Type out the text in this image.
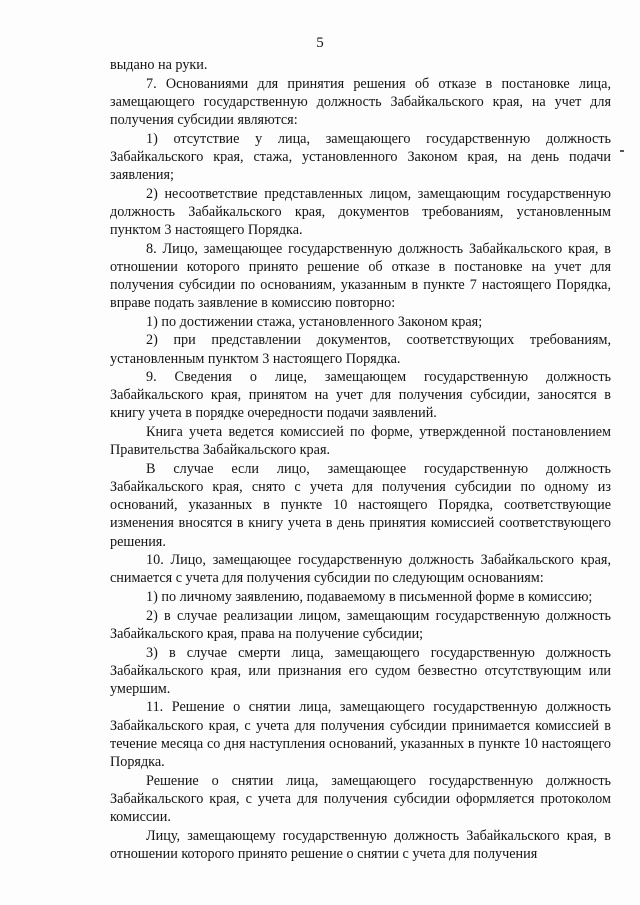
5

выдано на руки.

7. Основаниями для принятия решения об отказе в постановке лица, замещающего государственную должность Забайкальского края, на учет для получения субсидии являются:

1) отсутствие у лица, замещающего государственную должность Забайкальского края, стажа, установленного Законом края, на день подачи заявления;

2) несоответствие представленных лицом, замещающим государственную должность Забайкальского края, документов требованиям, установленным пунктом 3 настоящего Порядка.

8. Лицо, замещающее государственную должность Забайкальского края, в отношении которого принято решение об отказе в постановке на учет для получения субсидии по основаниям, указанным в пункте 7 настоящего Порядка, вправе подать заявление в комиссию повторно:

1) по достижении стажа, установленного Законом края;

2) при представлении документов, соответствующих требованиям, установленным пунктом 3 настоящего Порядка.

9. Сведения о лице, замещающем государственную должность Забайкальского края, принятом на учет для получения субсидии, заносятся в книгу учета в порядке очередности подачи заявлений.

Книга учета ведется комиссией по форме, утвержденной постановлением Правительства Забайкальского края.

В случае если лицо, замещающее государственную должность Забайкальского края, снято с учета для получения субсидии по одному из оснований, указанных в пункте 10 настоящего Порядка, соответствующие изменения вносятся в книгу учета в день принятия комиссией соответствующего решения.

10. Лицо, замещающее государственную должность Забайкальского края, снимается с учета для получения субсидии по следующим основаниям:

1) по личному заявлению, подаваемому в письменной форме в комиссию;

2) в случае реализации лицом, замещающим государственную должность Забайкальского края, права на получение субсидии;

3) в случае смерти лица, замещающего государственную должность Забайкальского края, или признания его судом безвестно отсутствующим или умершим.

11. Решение о снятии лица, замещающего государственную должность Забайкальского края, с учета для получения субсидии принимается комиссией в течение месяца со дня наступления оснований, указанных в пункте 10 настоящего Порядка.

Решение о снятии лица, замещающего государственную должность Забайкальского края, с учета для получения субсидии оформляется протоколом комиссии.

Лицу, замещающему государственную должность Забайкальского края, в отношении которого принято решение о снятии с учета для получения
